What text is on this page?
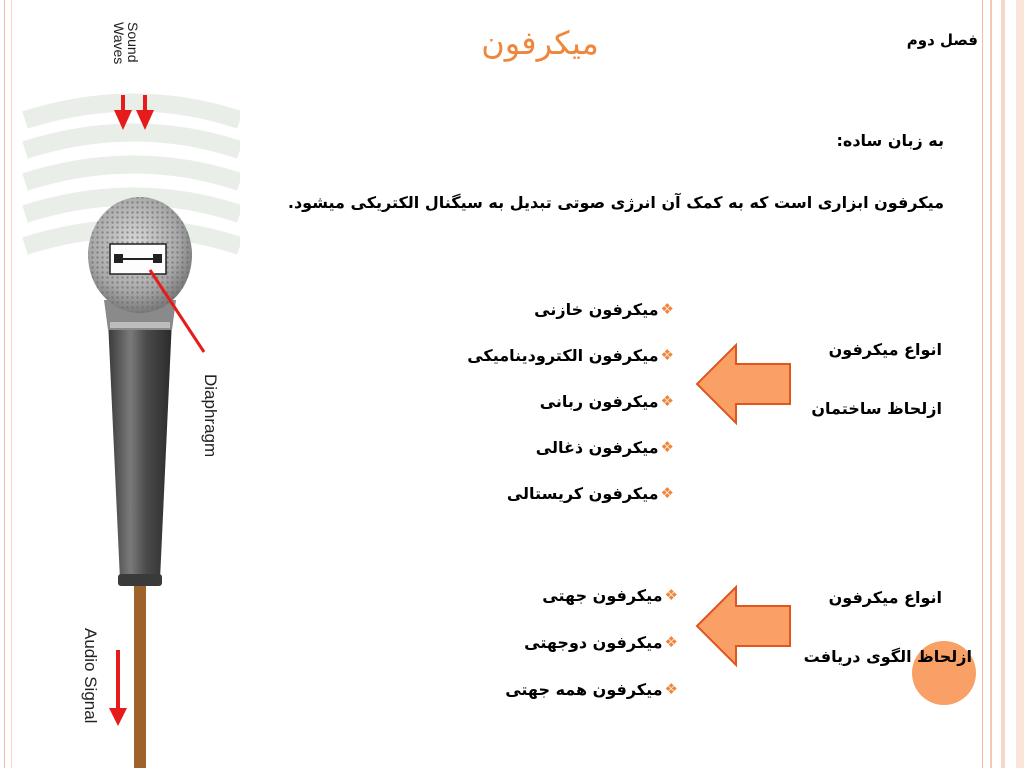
Sound Waves
Diaphragm
Audio Signal
میکرفون	فصل دوم
به زبان ساده:
میکرفون ابزاری است که به کمک آن انرژی صوتی تبدیل به سیگنال الکتریکی میشود.
❖
میکرفون خازنی
❖
میکرفون الکترودینامیکی
❖
میکرفون ربانی
❖
میکرفون ذغالی
❖
میکرفون کریستالی
انواع میکرفون
ازلحاظ ساختمان
❖
میکرفون جهتی
❖
میکرفون دوجهتی
❖
میکرفون همه جهتی
انواع میکرفون
ازلحاظ الگوی دریافت
